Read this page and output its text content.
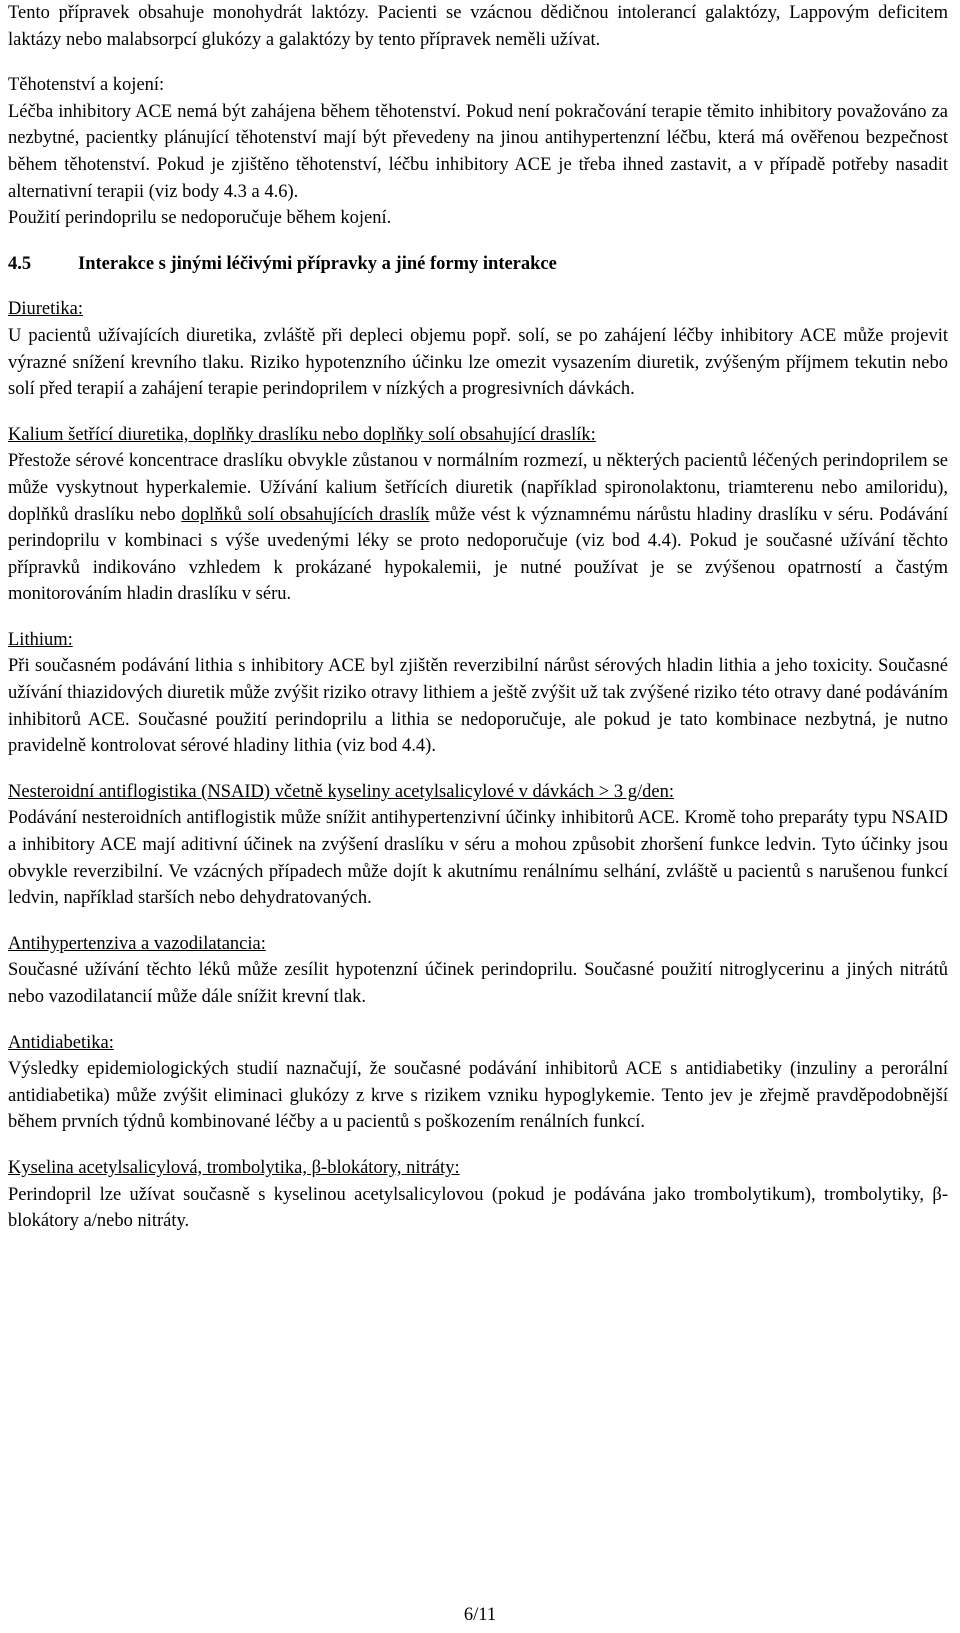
Tento přípravek obsahuje monohydrát laktózy. Pacienti se vzácnou dědičnou intolerancí galaktózy, Lappovým deficitem laktázy nebo malabsorpcí glukózy a galaktózy by tento přípravek neměli užívat.

Těhotenství a kojení:

Léčba inhibitory ACE nemá být zahájena během těhotenství. Pokud není pokračování terapie těmito inhibitory považováno za nezbytné, pacientky plánující těhotenství mají být převedeny na jinou antihypertenzní léčbu, která má ověřenou bezpečnost během těhotenství. Pokud je zjištěno těhotenství, léčbu inhibitory ACE je třeba ihned zastavit, a v případě potřeby nasadit alternativní terapii (viz body 4.3 a 4.6).

Použití perindoprilu se nedoporučuje během kojení.

4.5	Interakce s jinými léčivými přípravky a jiné formy interakce

Diuretika:

U pacientů užívajících diuretika, zvláště při depleci objemu popř. solí, se po zahájení léčby inhibitory ACE může projevit výrazné snížení krevního tlaku. Riziko hypotenzního účinku lze omezit vysazením diuretik, zvýšeným příjmem tekutin nebo solí před terapií a zahájení terapie perindoprilem v nízkých a progresivních dávkách.

Kalium šetřící diuretika, doplňky draslíku nebo doplňky solí obsahující draslík:

Přestože sérové koncentrace draslíku obvykle zůstanou v normálním rozmezí, u některých pacientů léčených perindoprilem se může vyskytnout hyperkalemie. Užívání kalium šetřících diuretik (například spironolaktonu, triamterenu nebo amiloridu), doplňků draslíku nebo doplňků solí obsahujících draslík může vést k významnému nárůstu hladiny draslíku v séru. Podávání perindoprilu v kombinaci s výše uvedenými léky se proto nedoporučuje (viz bod 4.4). Pokud je současné užívání těchto přípravků indikováno vzhledem k prokázané hypokalemii, je nutné používat je se zvýšenou opatrností a častým monitorováním hladin draslíku v séru.

Lithium:

Při současném podávání lithia s inhibitory ACE byl zjištěn reverzibilní nárůst sérových hladin lithia a jeho toxicity. Současné užívání thiazidových diuretik může zvýšit riziko otravy lithiem a ještě zvýšit už tak zvýšené riziko této otravy dané podáváním inhibitorů ACE. Současné použití perindoprilu a lithia se nedoporučuje, ale pokud je tato kombinace nezbytná, je nutno pravidelně kontrolovat sérové hladiny lithia (viz bod 4.4).

Nesteroidní antiflogistika (NSAID) včetně kyseliny acetylsalicylové v dávkách > 3 g/den:

Podávání nesteroidních antiflogistik může snížit antihypertenzivní účinky inhibitorů ACE. Kromě toho preparáty typu NSAID a inhibitory ACE mají aditivní účinek na zvýšení draslíku v séru a mohou způsobit zhoršení funkce ledvin. Tyto účinky jsou obvykle reverzibilní. Ve vzácných případech může dojít k akutnímu renálnímu selhání, zvláště u pacientů s narušenou funkcí ledvin, například starších nebo dehydratovaných.

Antihypertenziva a vazodilatancia:

Současné užívání těchto léků může zesílit hypotenzní účinek perindoprilu. Současné použití nitroglycerinu a jiných nitrátů nebo vazodilatancií může dále snížit krevní tlak.

Antidiabetika:

Výsledky epidemiologických studií naznačují, že současné podávání inhibitorů ACE s antidiabetiky (inzuliny a perorální antidiabetika) může zvýšit eliminaci glukózy z krve s rizikem vzniku hypoglykemie. Tento jev je zřejmě pravděpodobnější během prvních týdnů kombinované léčby a u pacientů s poškozením renálních funkcí.

Kyselina acetylsalicylová, trombolytika, β-blokátory, nitráty:

Perindopril lze užívat současně s kyselinou acetylsalicylovou (pokud je podávána jako trombolytikum), trombolytiky, β-blokátory a/nebo nitráty.

6/11
